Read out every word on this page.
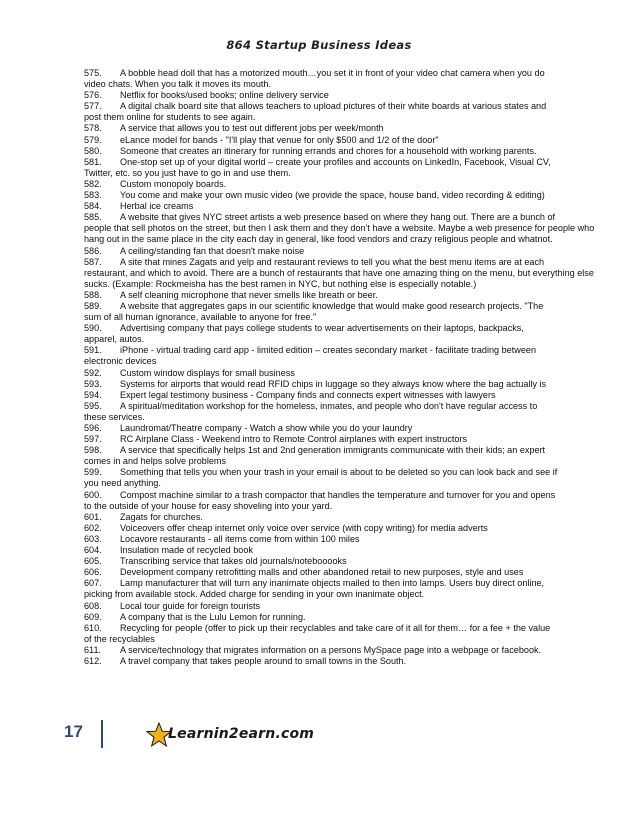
864 Startup Business Ideas
575. A bobble head doll that has a motorized mouth…you set it in front of your video chat camera when you do
video chats. When you talk it moves its mouth.
576. Netflix for books/used books; online delivery service
577. A digital chalk board site that allows teachers to upload pictures of their white boards at various states and
post them online for students to see again.
578. A service that allows you to test out different jobs per week/month
579. eLance model for bands - "I'll play that venue for only $500 and 1/2 of the door"
580. Someone that creates an itinerary for running errands and chores for a household with working parents.
581. One-stop set up of your digital world – create your profiles and accounts on LinkedIn, Facebook, Visual CV,
Twitter, etc. so you just have to go in and use them.
582. Custom monopoly boards.
583. You come and make your own music video (we provide the space, house band, video recording & editing)
584. Herbal ice creams
585. A website that gives NYC street artists a web presence based on where they hang out. There are a bunch of
people that sell photos on the street, but then I ask them and they don't have a website. Maybe a web presence for people who hang out in the same place in the city each day in general, like food vendors and crazy religious people and whatnot.
586. A ceiling/standing fan that doesn't make noise
587. A site that mines Zagats and yelp and restaurant reviews to tell you what the best menu items are at each
restaurant, and which to avoid. There are a bunch of restaurants that have one amazing thing on the menu, but everything else sucks. (Example: Rockmeisha has the best ramen in NYC, but nothing else is especially notable.)
588. A self cleaning microphone that never smells like breath or beer.
589. A website that aggregates gaps in our scientific knowledge that would make good research projects. "The
sum of all human ignorance, available to anyone for free."
590. Advertising company that pays college students to wear advertisements on their laptops, backpacks,
apparel, autos.
591. iPhone - virtual trading card app - limited edition – creates secondary market - facilitate trading between
electronic devices
592. Custom window displays for small business
593. Systems for airports that would read RFID chips in luggage so they always know where the bag actually is
594. Expert legal testimony business - Company finds and connects expert witnesses with lawyers
595. A spiritual/meditation workshop for the homeless, inmates, and people who don't have regular access to
these services.
596. Laundromat/Theatre company - Watch a show while you do your laundry
597. RC Airplane Class - Weekend intro to Remote Control airplanes with expert instructors
598. A service that specifically helps 1st and 2nd generation immigrants communicate with their kids; an expert
comes in and helps solve problems
599. Something that tells you when your trash in your email is about to be deleted so you can look back and see if
you need anything.
600. Compost machine similar to a trash compactor that handles the temperature and turnover for you and opens
to the outside of your house for easy shoveling into your yard.
601. Zagats for churches.
602. Voiceovers offer cheap internet only voice over service (with copy writing) for media adverts
603. Locavore restaurants - all items come from within 100 miles
604. Insulation made of recycled book
605. Transcribing service that takes old journals/notebooooks
606. Development company retrofitting malls and other abandoned retail to new purposes, style and uses
607. Lamp manufacturer that will turn any inanimate objects mailed to then into lamps. Users buy direct online,
picking from available stock. Added charge for sending in your own inanimate object.
608. Local tour guide for foreign tourists
609. A company that is the Lulu Lemon for running.
610. Recycling for people (offer to pick up their recyclables and take care of it all for them… for a fee + the value
of the recyclables
611. A service/technology that migrates information on a persons MySpace page into a webpage or facebook.
612. A travel company that takes people around to small towns in the South.
17	Learnin2earn.com
